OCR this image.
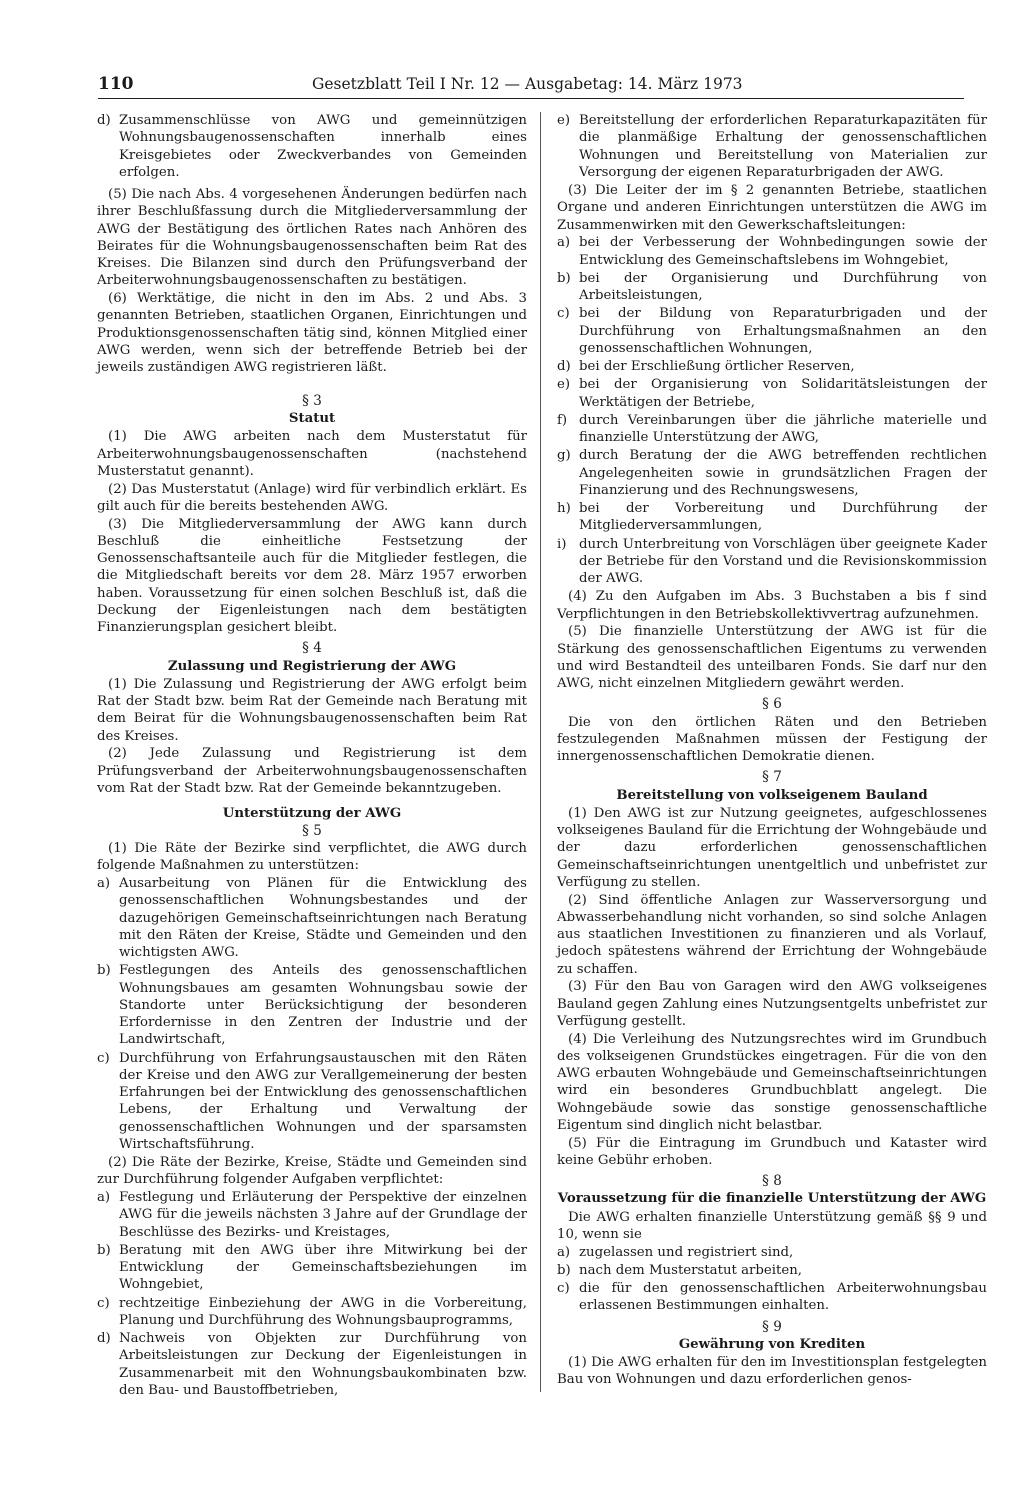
110	Gesetzblatt Teil I Nr. 12 — Ausgabetag: 14. März 1973
d) Zusammenschlüsse von AWG und gemeinnützigen Wohnungsbaugenossenschaften innerhalb eines Kreisgebietes oder Zweckverbandes von Gemeinden erfolgen.

(5) Die nach Abs. 4 vorgesehenen Änderungen bedürfen nach ihrer Beschlußfassung durch die Mitgliederversammlung der AWG der Bestätigung des örtlichen Rates nach Anhören des Beirates für die Wohnungsbaugenossenschaften beim Rat des Kreises. Die Bilanzen sind durch den Prüfungsverband der Arbeiterwohnungsbaugenossenschaften zu bestätigen.

(6) Werktätige, die nicht in den im Abs. 2 und Abs. 3 genannten Betrieben, staatlichen Organen, Einrichtungen und Produktionsgenossenschaften tätig sind, können Mitglied einer AWG werden, wenn sich der betreffende Betrieb bei der jeweils zuständigen AWG registrieren läßt.

§ 3
Statut

(1) Die AWG arbeiten nach dem Musterstatut für Arbeiterwohnungsbaugenossenschaften (nachstehend Musterstatut genannt).

(2) Das Musterstatut (Anlage) wird für verbindlich erklärt. Es gilt auch für die bereits bestehenden AWG.

(3) Die Mitgliederversammlung der AWG kann durch Beschluß die einheitliche Festsetzung der Genossenschaftsanteile auch für die Mitglieder festlegen, die die Mitgliedschaft bereits vor dem 28. März 1957 erworben haben. Voraussetzung für einen solchen Beschluß ist, daß die Deckung der Eigenleistungen nach dem bestätigten Finanzierungsplan gesichert bleibt.

§ 4
Zulassung und Registrierung der AWG

(1) Die Zulassung und Registrierung der AWG erfolgt beim Rat der Stadt bzw. beim Rat der Gemeinde nach Beratung mit dem Beirat für die Wohnungsbaugenossenschaften beim Rat des Kreises.

(2) Jede Zulassung und Registrierung ist dem Prüfungsverband der Arbeiterwohnungsbaugenossenschaften vom Rat der Stadt bzw. Rat der Gemeinde bekanntzugeben.

Unterstützung der AWG
§ 5

(1) Die Räte der Bezirke sind verpflichtet, die AWG durch folgende Maßnahmen zu unterstützen:

a) Ausarbeitung von Plänen für die Entwicklung des genossenschaftlichen Wohnungsbestandes und der dazugehörigen Gemeinschaftseinrichtungen nach Beratung mit den Räten der Kreise, Städte und Gemeinden und den wichtigsten AWG.
b) Festlegungen des Anteils des genossenschaftlichen Wohnungsbaues am gesamten Wohnungsbau sowie der Standorte unter Berücksichtigung der besonderen Erfordernisse in den Zentren der Industrie und der Landwirtschaft,
c) Durchführung von Erfahrungsaustauschen mit den Räten der Kreise und den AWG zur Verallgemeinerung der besten Erfahrungen bei der Entwicklung des genossenschaftlichen Lebens, der Erhaltung und Verwaltung der genossenschaftlichen Wohnungen und der sparsamsten Wirtschaftsführung.

(2) Die Räte der Bezirke, Kreise, Städte und Gemeinden sind zur Durchführung folgender Aufgaben verpflichtet:

a) Festlegung und Erläuterung der Perspektive der einzelnen AWG für die jeweils nächsten 3 Jahre auf der Grundlage der Beschlüsse des Bezirks- und Kreistages,
b) Beratung mit den AWG über ihre Mitwirkung bei der Entwicklung der Gemeinschaftsbeziehungen im Wohngebiet,
c) rechtzeitige Einbeziehung der AWG in die Vorbereitung, Planung und Durchführung des Wohnungsbauprogramms,
d) Nachweis von Objekten zur Durchführung von Arbeitsleistungen zur Deckung der Eigenleistungen in Zusammenarbeit mit den Wohnungsbaukombinaten bzw. den Bau- und Baustoffbetrieben,
e) Bereitstellung der erforderlichen Reparaturkapazitäten für die planmäßige Erhaltung der genossenschaftlichen Wohnungen und Bereitstellung von Materialien zur Versorgung der eigenen Reparaturbrigaden der AWG.

(3) Die Leiter der im § 2 genannten Betriebe, staatlichen Organe und anderen Einrichtungen unterstützen die AWG im Zusammenwirken mit den Gewerkschaftsleitungen:

a) bei der Verbesserung der Wohnbedingungen sowie der Entwicklung des Gemeinschaftslebens im Wohngebiet,
b) bei der Organisierung und Durchführung von Arbeitsleistungen,
c) bei der Bildung von Reparaturbrigaden und der Durchführung von Erhaltungsmaßnahmen an den genossenschaftlichen Wohnungen,
d) bei der Erschließung örtlicher Reserven,
e) bei der Organisierung von Solidaritätsleistungen der Werktätigen der Betriebe,
f) durch Vereinbarungen über die jährliche materielle und finanzielle Unterstützung der AWG,
g) durch Beratung der die AWG betreffenden rechtlichen Angelegenheiten sowie in grundsätzlichen Fragen der Finanzierung und des Rechnungswesens,
h) bei der Vorbereitung und Durchführung der Mitgliederversammlungen,
i) durch Unterbreitung von Vorschlägen über geeignete Kader der Betriebe für den Vorstand und die Revisionskommission der AWG.

(4) Zu den Aufgaben im Abs. 3 Buchstaben a bis f sind Verpflichtungen in den Betriebskollektivvertrag aufzunehmen.

(5) Die finanzielle Unterstützung der AWG ist für die Stärkung des genossenschaftlichen Eigentums zu verwenden und wird Bestandteil des unteilbaren Fonds. Sie darf nur den AWG, nicht einzelnen Mitgliedern gewährt werden.

§ 6

Die von den örtlichen Räten und den Betrieben festzulegenden Maßnahmen müssen der Festigung der innergenossenschaftlichen Demokratie dienen.

§ 7
Bereitstellung von volkseigenem Bauland

(1) Den AWG ist zur Nutzung geeignetes, aufgeschlossenes volkseigenes Bauland für die Errichtung der Wohngebäude und der dazu erforderlichen genossenschaftlichen Gemeinschaftseinrichtungen unentgeltlich und unbefristet zur Verfügung zu stellen.

(2) Sind öffentliche Anlagen zur Wasserversorgung und Abwasserbehandlung nicht vorhanden, so sind solche Anlagen aus staatlichen Investitionen zu finanzieren und als Vorlauf, jedoch spätestens während der Errichtung der Wohngebäude zu schaffen.

(3) Für den Bau von Garagen wird den AWG volkseigenes Bauland gegen Zahlung eines Nutzungsentgelts unbefristet zur Verfügung gestellt.

(4) Die Verleihung des Nutzungsrechtes wird im Grundbuch des volkseigenen Grundstückes eingetragen. Für die von den AWG erbauten Wohngebäude und Gemeinschaftseinrichtungen wird ein besonderes Grundbuchblatt angelegt. Die Wohngebäude sowie das sonstige genossenschaftliche Eigentum sind dinglich nicht belastbar.

(5) Für die Eintragung im Grundbuch und Kataster wird keine Gebühr erhoben.

§ 8
Voraussetzung für die finanzielle Unterstützung der AWG

Die AWG erhalten finanzielle Unterstützung gemäß §§ 9 und 10, wenn sie

a) zugelassen und registriert sind,
b) nach dem Musterstatut arbeiten,
c) die für den genossenschaftlichen Arbeiterwohnungsbau erlassenen Bestimmungen einhalten.
§ 9
Gewährung von Krediten

(1) Die AWG erhalten für den im Investitionsplan festgelegten Bau von Wohnungen und dazu erforderlichen genos-
